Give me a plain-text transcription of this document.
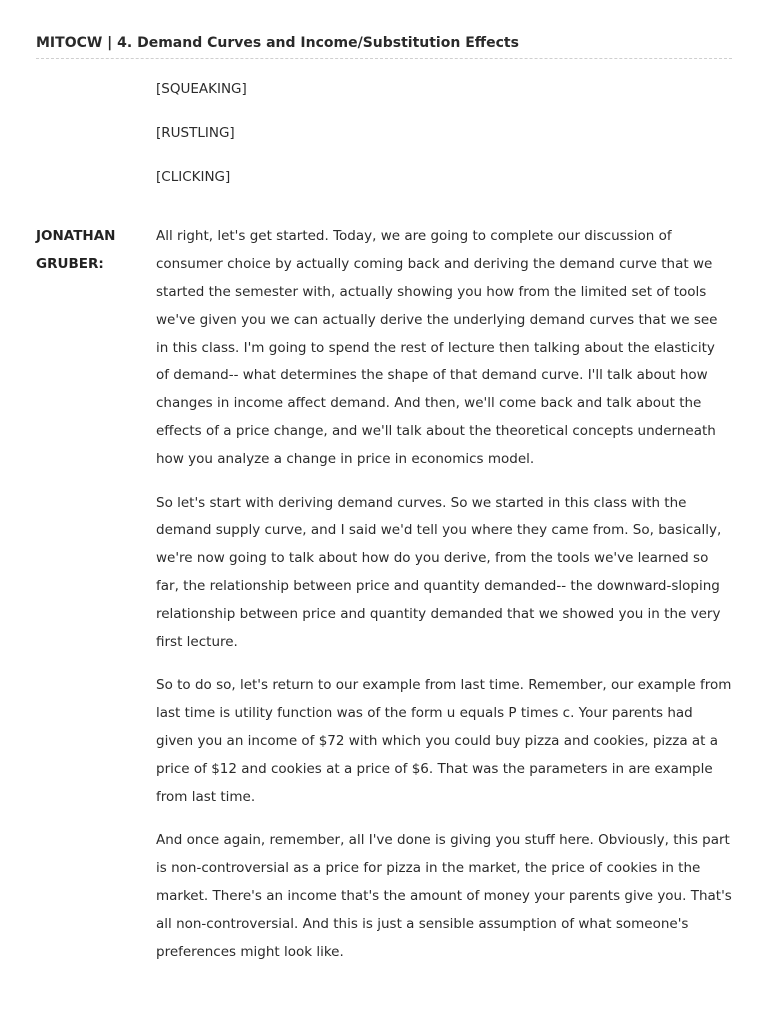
MITOCW | 4. Demand Curves and Income/Substitution Effects
[SQUEAKING]
[RUSTLING]
[CLICKING]
JONATHAN
GRUBER:

All right, let's get started. Today, we are going to complete our discussion of consumer choice by actually coming back and deriving the demand curve that we started the semester with, actually showing you how from the limited set of tools we've given you we can actually derive the underlying demand curves that we see in this class. I'm going to spend the rest of lecture then talking about the elasticity of demand-- what determines the shape of that demand curve. I'll talk about how changes in income affect demand. And then, we'll come back and talk about the effects of a price change, and we'll talk about the theoretical concepts underneath how you analyze a change in price in economics model.

So let's start with deriving demand curves. So we started in this class with the demand supply curve, and I said we'd tell you where they came from. So, basically, we're now going to talk about how do you derive, from the tools we've learned so far, the relationship between price and quantity demanded-- the downward-sloping relationship between price and quantity demanded that we showed you in the very first lecture.

So to do so, let's return to our example from last time. Remember, our example from last time is utility function was of the form u equals P times c. Your parents had given you an income of $72 with which you could buy pizza and cookies, pizza at a price of $12 and cookies at a price of $6. That was the parameters in are example from last time.

And once again, remember, all I've done is giving you stuff here. Obviously, this part is non-controversial as a price for pizza in the market, the price of cookies in the market. There's an income that's the amount of money your parents give you. That's all non-controversial. And this is just a sensible assumption of what someone's preferences might look like.
